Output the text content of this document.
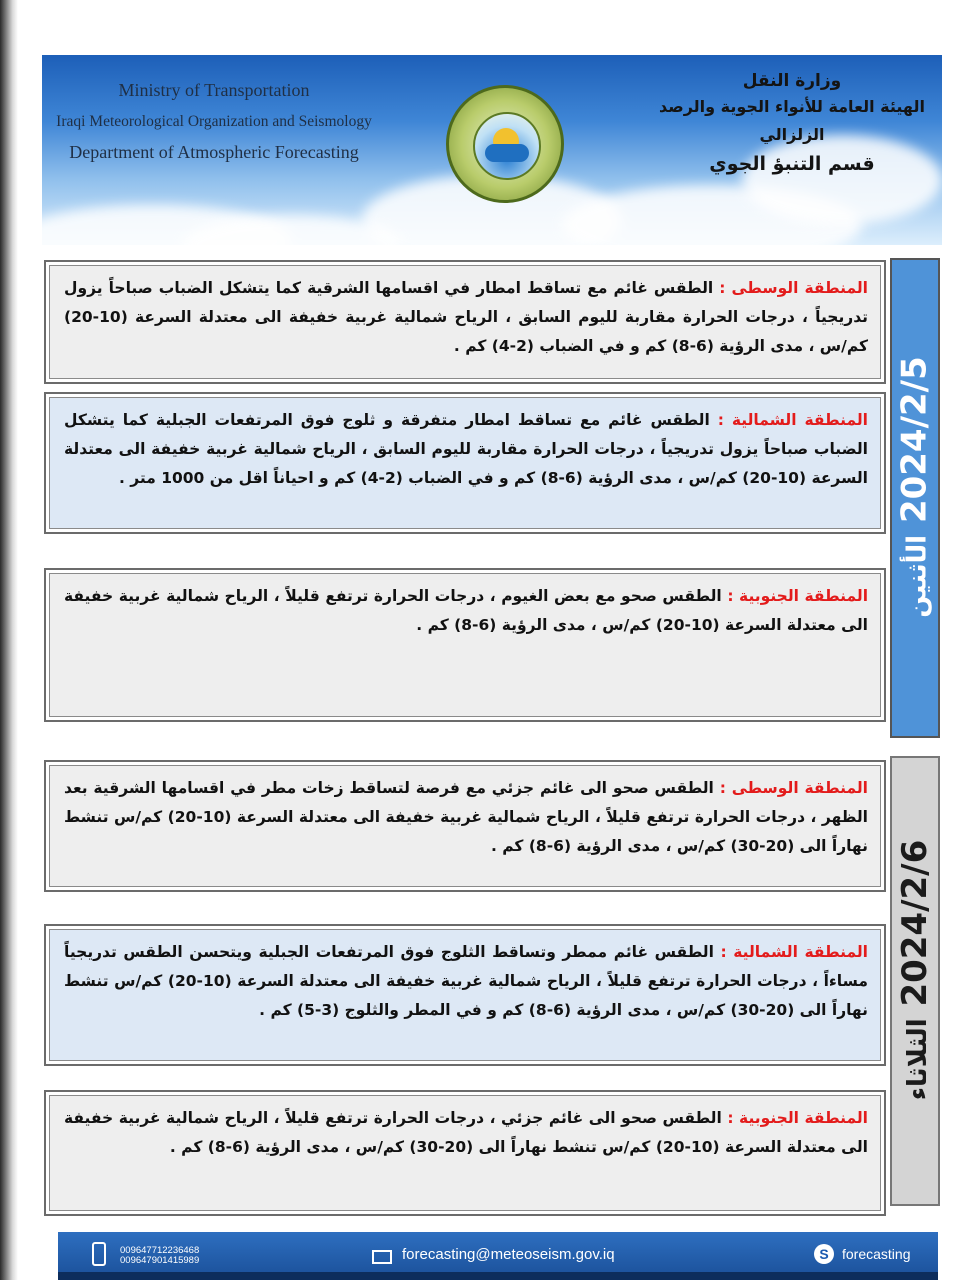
Ministry of Transportation
Iraqi Meteorological Organization and Seismology
Department of Atmospheric Forecasting
وزارة النقل
الهيئة العامة للأنواء الجوية والرصد الزلزالي
قسم التنبؤ الجوي
2024/2/5 الأثنين
المنطقة الوسطى : الطقس غائم مع تساقط امطار في اقسامها الشرقية كما يتشكل الضباب صباحاً يزول تدريجياً ، درجات الحرارة مقاربة لليوم السابق ، الرياح شمالية غربية خفيفة الى معتدلة السرعة (10-20) كم/س ، مدى الرؤية (6-8) كم و في الضباب (2-4) كم .
المنطقة الشمالية : الطقس غائم مع تساقط امطار متفرقة و ثلوج فوق المرتفعات الجبلية كما يتشكل الضباب صباحاً يزول تدريجياً ، درجات الحرارة مقاربة لليوم السابق ، الرياح شمالية غربية خفيفة الى معتدلة السرعة (10-20) كم/س ، مدى الرؤية (6-8) كم و في الضباب (2-4) كم و احياناً اقل من 1000 متر .
المنطقة الجنوبية : الطقس صحو مع بعض الغيوم ، درجات الحرارة ترتفع قليلاً ، الرياح شمالية غربية خفيفة الى معتدلة السرعة (10-20) كم/س ، مدى الرؤية (6-8) كم .
2024/2/6 الثلاثاء
المنطقة الوسطى : الطقس صحو الى غائم جزئي مع فرصة لتساقط زخات مطر في اقسامها الشرقية بعد الظهر ، درجات الحرارة ترتفع قليلاً ، الرياح شمالية غربية خفيفة الى معتدلة السرعة (10-20) كم/س تنشط نهاراً الى (20-30) كم/س ، مدى الرؤية (6-8) كم .
المنطقة الشمالية : الطقس غائم ممطر وتساقط الثلوج فوق المرتفعات الجبلية ويتحسن الطقس تدريجياً مساءاً ، درجات الحرارة ترتفع قليلاً ، الرياح شمالية غربية خفيفة الى معتدلة السرعة (10-20) كم/س تنشط نهاراً الى (20-30) كم/س ، مدى الرؤية (6-8) كم و في المطر والثلوج (3-5) كم .
المنطقة الجنوبية : الطقس صحو الى غائم جزئي ، درجات الحرارة ترتفع قليلاً ، الرياح شمالية غربية خفيفة الى معتدلة السرعة (10-20) كم/س تنشط نهاراً الى (20-30) كم/س ، مدى الرؤية (6-8) كم .
009647712236468
009647901415989	forecasting@meteoseism.gov.iq	S forecasting
